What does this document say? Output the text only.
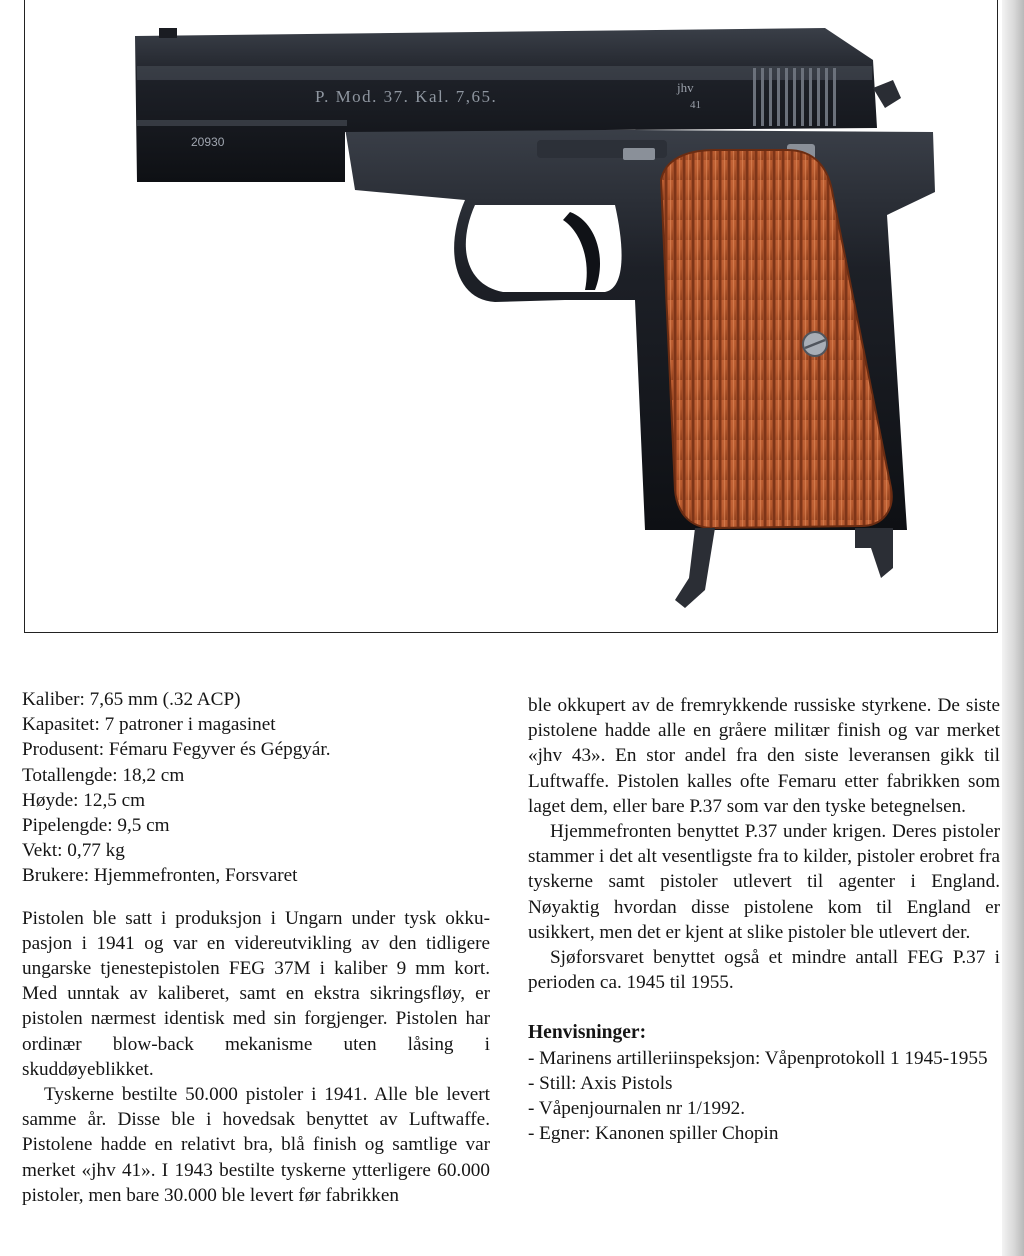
P. Mod. 37. Kal. 7,65.
20930
jhv
41

Kaliber: 7,65 mm (.32 ACP)

Kapasitet: 7 patroner i magasinet

Produsent: Fémaru Fegyver és Gépgyár.

Totallengde: 18,2 cm

Høyde: 12,5 cm

Pipelengde: 9,5 cm

Vekt: 0,77 kg

Brukere: Hjemmefronten, Forsvaret

Pistolen ble satt i produksjon i Ungarn under tysk okku-pasjon i 1941 og var en videreutvikling av den tidligere ungarske tjenestepistolen FEG 37M i kaliber 9 mm kort. Med unntak av kaliberet, samt en ekstra sikringsfløy, er pistolen nærmest identisk med sin forgjenger. Pistolen har ordinær blow-back mekanisme uten låsing i skuddøyeblikket.

Tyskerne bestilte 50.000 pistoler i 1941. Alle ble levert samme år. Disse ble i hovedsak benyttet av Luftwaffe. Pistolene hadde en relativt bra, blå finish og samtlige var merket «jhv 41». I 1943 bestilte tyskerne ytterligere 60.000 pistoler, men bare 30.000 ble levert før fabrikken

ble okkupert av de fremrykkende russiske styrkene. De siste pistolene hadde alle en gråere militær finish og var merket «jhv 43». En stor andel fra den siste leveransen gikk til Luftwaffe. Pistolen kalles ofte Femaru etter fabrikken som laget dem, eller bare P.37 som var den tyske betegnelsen.

Hjemmefronten benyttet P.37 under krigen. Deres pistoler stammer i det alt vesentligste fra to kilder, pistoler erobret fra tyskerne samt pistoler utlevert til agenter i England. Nøyaktig hvordan disse pistolene kom til England er usikkert, men det er kjent at slike pistoler ble utlevert der.

Sjøforsvaret benyttet også et mindre antall FEG P.37 i perioden ca. 1945 til 1955.

Henvisninger:

- Marinens artilleriinspeksjon: Våpenprotokoll 1 1945-1955
- Still: Axis Pistols
- Våpenjournalen nr 1/1992.
- Egner: Kanonen spiller Chopin
